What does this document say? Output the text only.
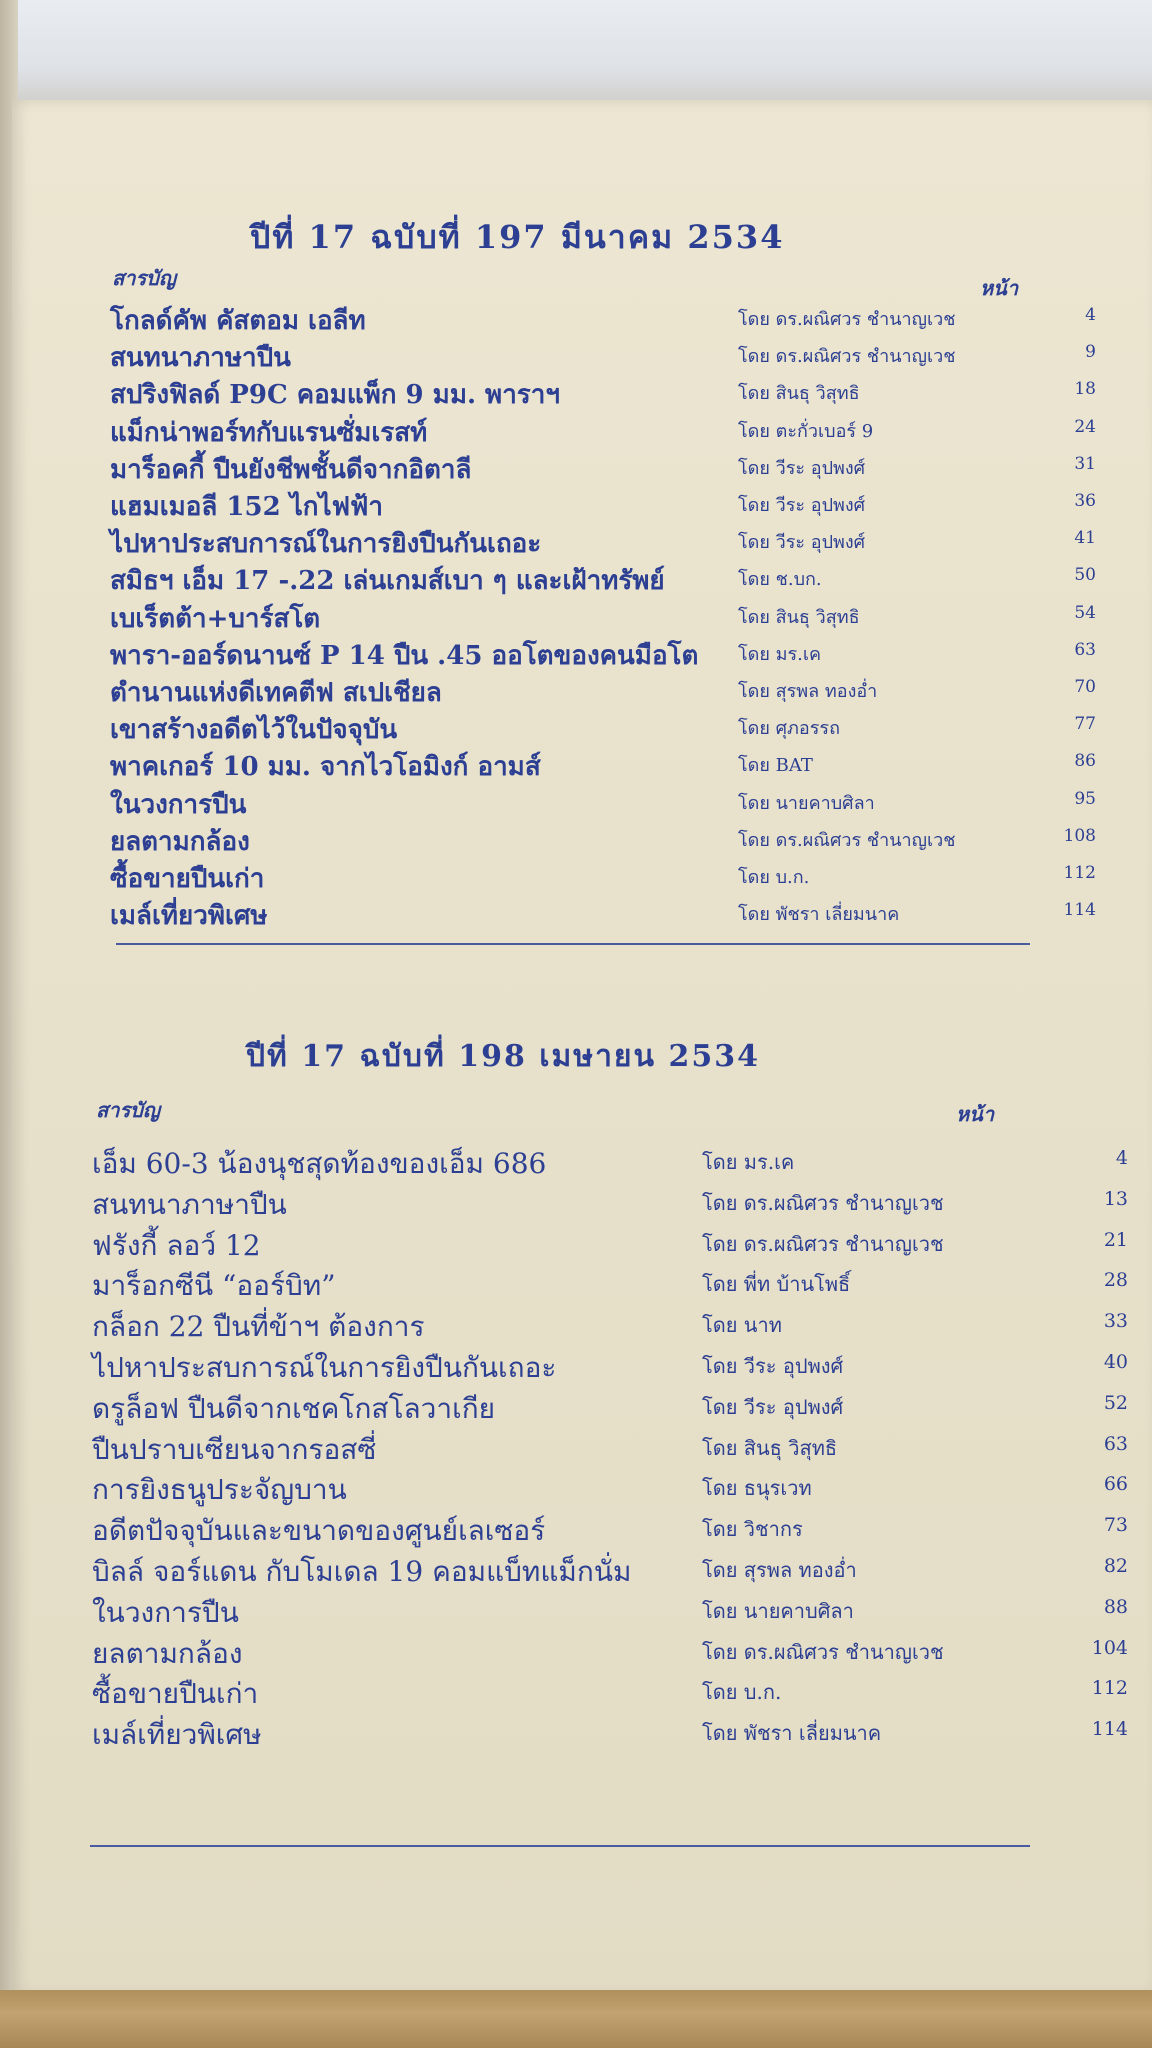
ปีที่ 17 ฉบับที่ 197 มีนาคม 2534
สารบัญ	หน้า
โกลด์คัพ คัสตอม เอลีท	โดย ดร.ผณิศวร ชำนาญเวช	4
สนทนาภาษาปืน	โดย ดร.ผณิศวร ชำนาญเวช	9
สปริงฟิลด์ P9C คอมแพ็ก 9 มม. พาราฯ	โดย สินธุ วิสุทธิ	18
แม็กน่าพอร์ทกับแรนซั่มเรสท์	โดย ตะกั่วเบอร์ 9	24
มาร็อคกี้ ปืนยังชีพชั้นดีจากอิตาลี	โดย วีระ อุปพงศ์	31
แฮมเมอลี 152 ไกไฟฟ้า	โดย วีระ อุปพงศ์	36
ไปหาประสบการณ์ในการยิงปืนกันเถอะ	โดย วีระ อุปพงศ์	41
สมิธฯ เอ็ม 17 -.22 เล่นเกมส์เบา ๆ และเฝ้าทรัพย์	โดย ช.บก.	50
เบเร็ตต้า+บาร์สโต	โดย สินธุ วิสุทธิ	54
พารา-ออร์ดนานซ์ P 14 ปืน .45 ออโตของคนมือโต โดย มร.เค	63
ตำนานแห่งดีเทคตีฟ สเปเชียล	โดย สุรพล ทองอ่ำ	70
เขาสร้างอดีตไว้ในปัจจุบัน	โดย ศุภอรรถ	77
พาคเกอร์ 10 มม. จากไวโอมิงก์ อามส์	โดย BAT	86
ในวงการปืน	โดย นายคาบศิลา	95
ยลตามกล้อง	โดย ดร.ผณิศวร ชำนาญเวช	108
ซื้อขายปืนเก่า	โดย บ.ก.	112
เมล์เที่ยวพิเศษ	โดย พัชรา เลี่ยมนาค	114
ปีที่ 17 ฉบับที่ 198 เมษายน 2534
สารบัญ	หน้า
เอ็ม 60-3 น้องนุชสุดท้องของเอ็ม 686	โดย มร.เค	4
สนทนาภาษาปืน	โดย ดร.ผณิศวร ชำนาญเวช	13
ฟรังกี้ ลอว์ 12	โดย ดร.ผณิศวร ชำนาญเวช	21
มาร็อกซีนี “ออร์บิท”	โดย พี่ท บ้านโพธิ์	28
กล็อก 22 ปืนที่ข้าฯ ต้องการ	โดย นาท	33
ไปหาประสบการณ์ในการยิงปืนกันเถอะ	โดย วีระ อุปพงศ์	40
ดรูล็อฟ ปืนดีจากเชคโกสโลวาเกีย	โดย วีระ อุปพงศ์	52
ปืนปราบเซียนจากรอสซี่	โดย สินธุ วิสุทธิ	63
การยิงธนูประจัญบาน	โดย ธนุรเวท	66
อดีตปัจจุบันและขนาดของศูนย์เลเซอร์	โดย วิชากร	73
บิลล์ จอร์แดน กับโมเดล 19 คอมแบ็ทแม็กนั่ม	โดย สุรพล ทองอ่ำ	82
ในวงการปืน	โดย นายคาบศิลา	88
ยลตามกล้อง	โดย ดร.ผณิศวร ชำนาญเวช	104
ซื้อขายปืนเก่า	โดย บ.ก.	112
เมล์เที่ยวพิเศษ	โดย พัชรา เลี่ยมนาค	114
